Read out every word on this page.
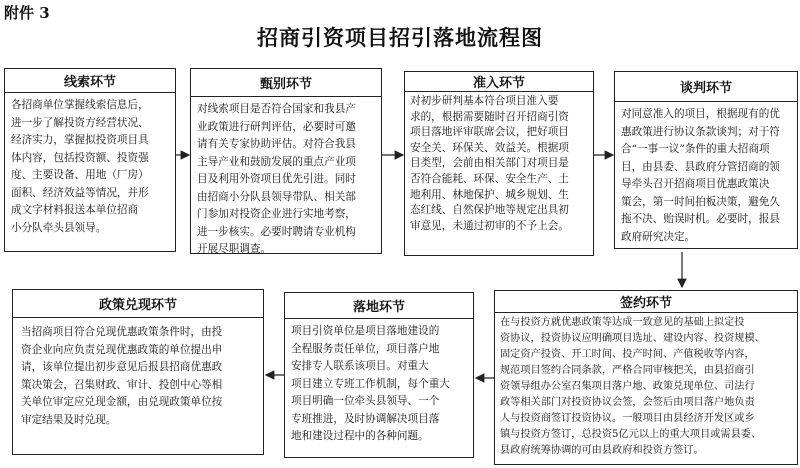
附件 3
招商引资项目招引落地流程图
线索环节
各招商单位掌握线索信息后，
进一步了解投资方经营状况、
经济实力，掌握拟投资项目具
体内容，包括投资额、投资强
度、主要设备、用地（厂房）
面积、经济效益等情况，并形
成文字材料报送本单位招商
小分队牵头县领导。
甄别环节
对线索项目是否符合国家和我县产
业政策进行研判评估，必要时可邀
请有关专家协助评估。对符合我县
主导产业和鼓励发展的重点产业项
目及利用外资项目优先引进。同时
由招商小分队县领导带队、相关部
门参加对投资企业进行实地考察，
进一步核实。必要时聘请专业机构
开展尽职调查。
准入环节
对初步研判基本符合项目准入要
求的，根据需要随时召开招商引资
项目落地评审联席会议，把好项目
安全关、环保关、效益关。根据项
目类型，会前由相关部门对项目是
否符合能耗、环保、安全生产、土
地利用、林地保护、城乡规划、生
态红线、自然保护地等规定出具初
审意见，未通过初审的不予上会。
谈判环节
对同意准入的项目，根据现有的优
惠政策进行协议条款谈判；对于符
合“一事一议”条件的重大招商项
目，由县委、县政府分管招商的领
导牵头召开招商项目优惠政策决
策会，第一时间拍板决策，避免久
拖不决、贻误时机。必要时，报县
政府研究决定。
签约环节
在与投资方就优惠政策等达成一致意见的基础上拟定投
资协议，投资协议应明确项目选址、建设内容、投资规模、
固定资产投资、开工时间、投产时间、产值税收等内容，
规范项目签约合同条款，严格合同审核把关，由县招商引
资领导组办公室召集项目落户地、政策兑现单位、司法行
政等相关部门对投资协议会签，会签后由项目落户地负责
人与投资商签订投资协议。一般项目由县经济开发区或乡
镇与投资方签订，总投资5亿元以上的重大项目或需县委、
县政府统筹协调的可由县政府和投资方签订。
落地环节
项目引资单位是项目落地建设的
全程服务责任单位，项目落户地
安排专人联系该项目。对重大
项目建立专班工作机制，每个重大
项目明确一位牵头县领导、一个
专班推进，及时协调解决项目落
地和建设过程中的各种问题。
政策兑现环节
当招商项目符合兑现优惠政策条件时，由投
资企业向应负责兑现优惠政策的单位提出申
请，该单位提出初步意见后报县招商优惠政
策决策会，召集财政、审计、投创中心等相
关单位审定应兑现金额，由兑现政策单位按
审定结果及时兑现。
